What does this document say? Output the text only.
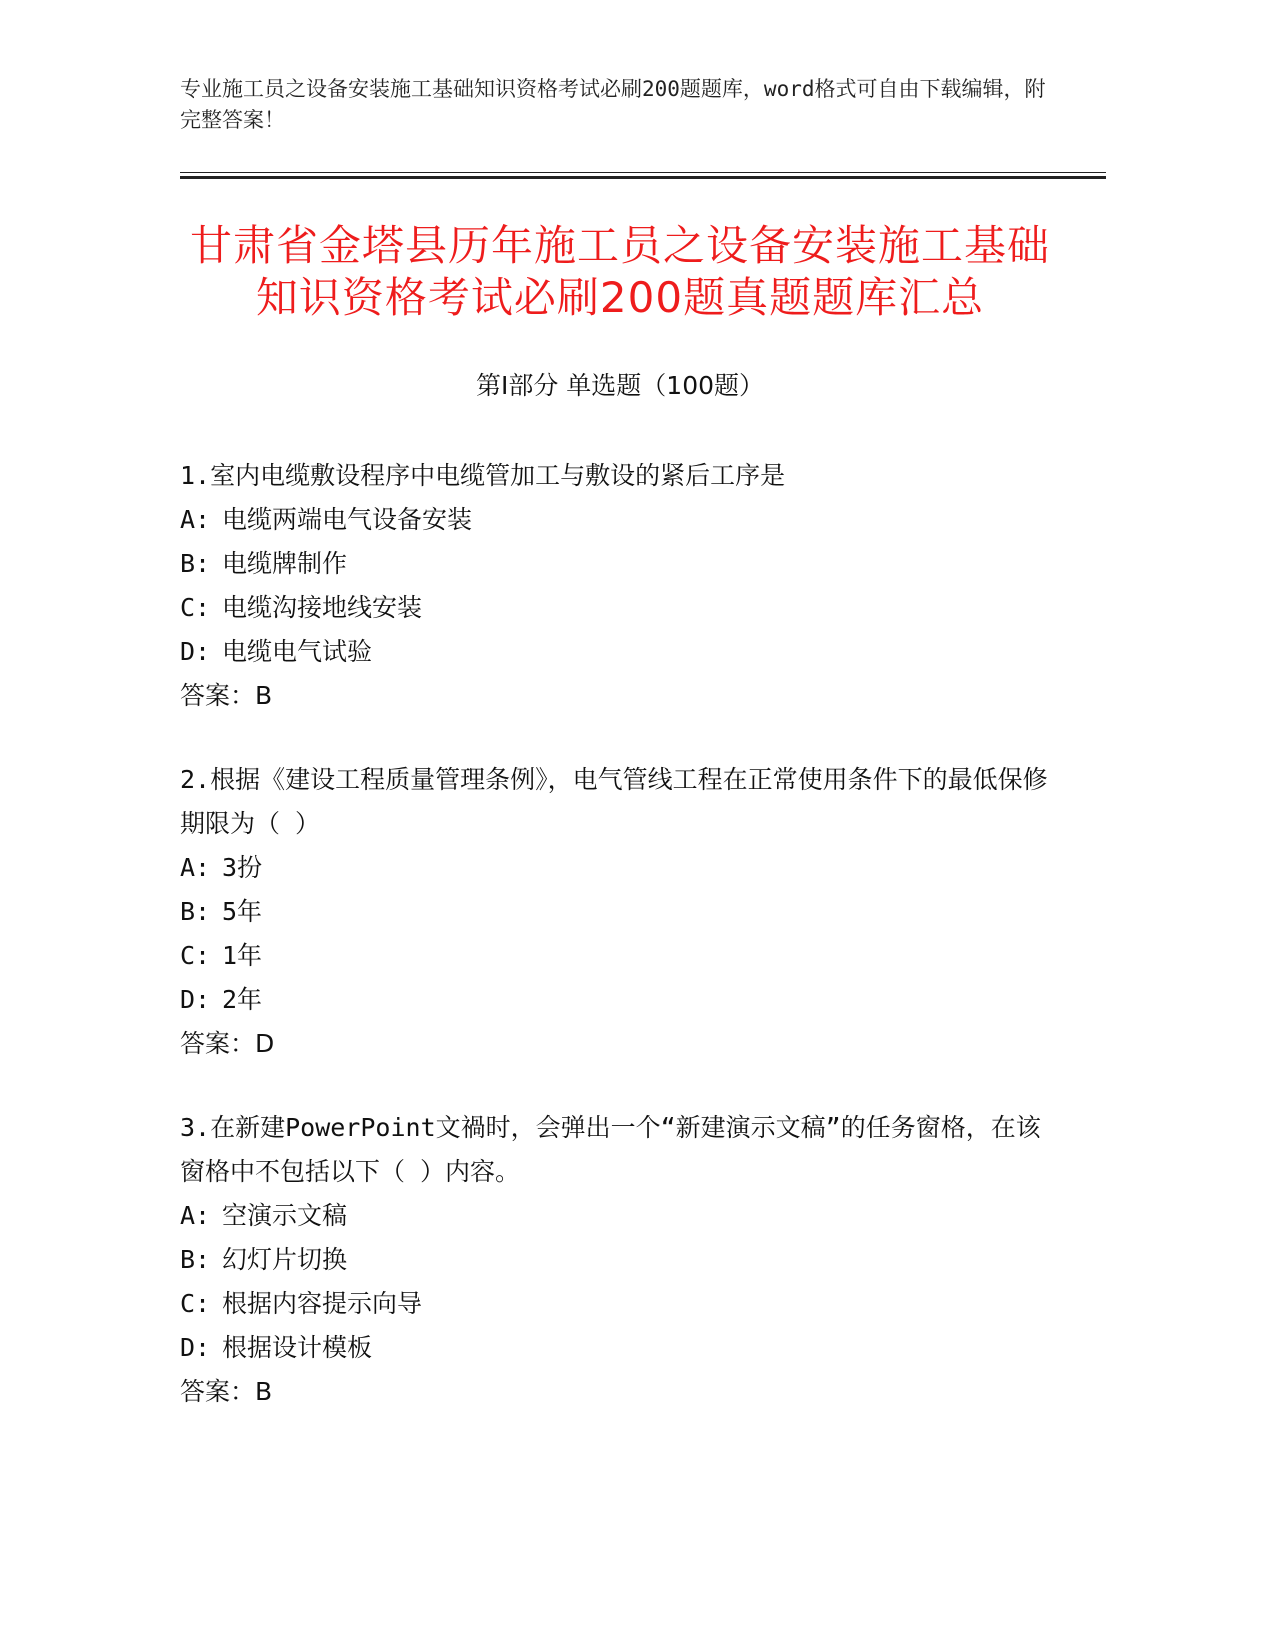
专业施工员之设备安装施工基础知识资格考试必刷200题题库，word格式可自由下载编辑，附完整答案！
甘肃省金塔县历年施工员之设备安装施工基础知识资格考试必刷200题真题题库汇总
第I部分 单选题（100题）

1.室内电缆敷设程序中电缆管加工与敷设的紧后工序是

A: 电缆两端电气设备安装
B: 电缆牌制作
C: 电缆沟接地线安装
D: 电缆电气试验
答案：B

2.根据《建设工程质量管理条例》，电气管线工程在正常使用条件下的最低保修期限为（ ）

A: 3扮
B: 5年
C: 1年
D: 2年
答案：D

3.在新建PowerPoint文禍时，会弹出一个“新建演示文稿”的任务窗格，在该窗格中不包括以下（ ）内容。

A: 空演示文稿
B: 幻灯片切换
C: 根据内容提示向导
D: 根据设计模板
答案：B
